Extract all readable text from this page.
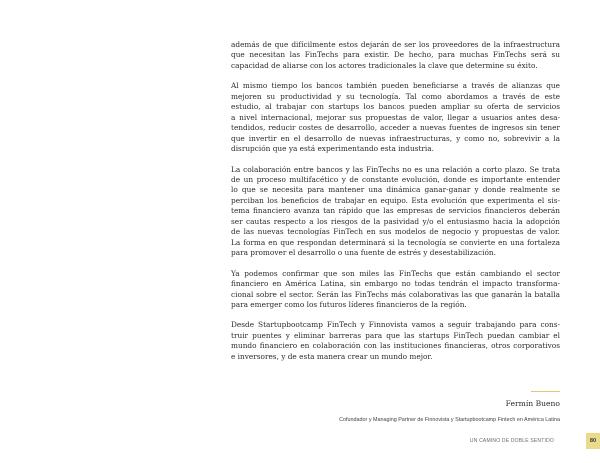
además de que difícilmente estos dejarán de ser los proveedores de la infraestructura
que necesitan las FinTechs para existir. De hecho, para muchas FinTechs será su
capacidad de aliarse con los actores tradicionales la clave que determine su éxito.

Al mismo tiempo los bancos también pueden beneficiarse a través de alianzas que
mejoren su productividad y su tecnología. Tal como abordamos a través de este
estudio, al trabajar con startups los bancos pueden ampliar su oferta de servicios
a nivel internacional, mejorar sus propuestas de valor, llegar a usuarios antes desa-
tendidos, reducir costes de desarrollo, acceder a nuevas fuentes de ingresos sin tener
que invertir en el desarrollo de nuevas infraestructuras, y como no, sobrevivir a la
disrupción que ya está experimentando esta industria.

La colaboración entre bancos y las FinTechs no es una relación a corto plazo. Se trata
de un proceso multifacético y de constante evolución, donde es importante entender
lo que se necesita para mantener una dinámica ganar-ganar y donde realmente se
perciban los beneficios de trabajar en equipo. Esta evolución que experimenta el sis-
tema financiero avanza tan rápido que las empresas de servicios financieros deberán
ser cautas respecto a los riesgos de la pasividad y/o el entusiasmo hacia la adopción
de las nuevas tecnologías FinTech en sus modelos de negocio y propuestas de valor.
La forma en que respondan determinará si la tecnología se convierte en una fortaleza
para promover el desarrollo o una fuente de estrés y desestabilización.

Ya podemos confirmar que son miles las FinTechs que están cambiando el sector
financiero en América Latina, sin embargo no todas tendrán el impacto transforma-
cional sobre el sector. Serán las FinTechs más colaborativas las que ganarán la batalla
para emerger como los futuros líderes financieros de la región.

Desde Startupbootcamp FinTech y Finnovista vamos a seguir trabajando para cons-
truir puentes y eliminar barreras para que las startups FinTech puedan cambiar el
mundo financiero en colaboración con las instituciones financieras, otros corporativos
e inversores, y de esta manera crear un mundo mejor.

Fermín Bueno
Cofundador y Managing Partner de Finnovista y Startupbootcamp Fintech en América Latina
UN CAMINO DE DOBLE SENTIDO	80
